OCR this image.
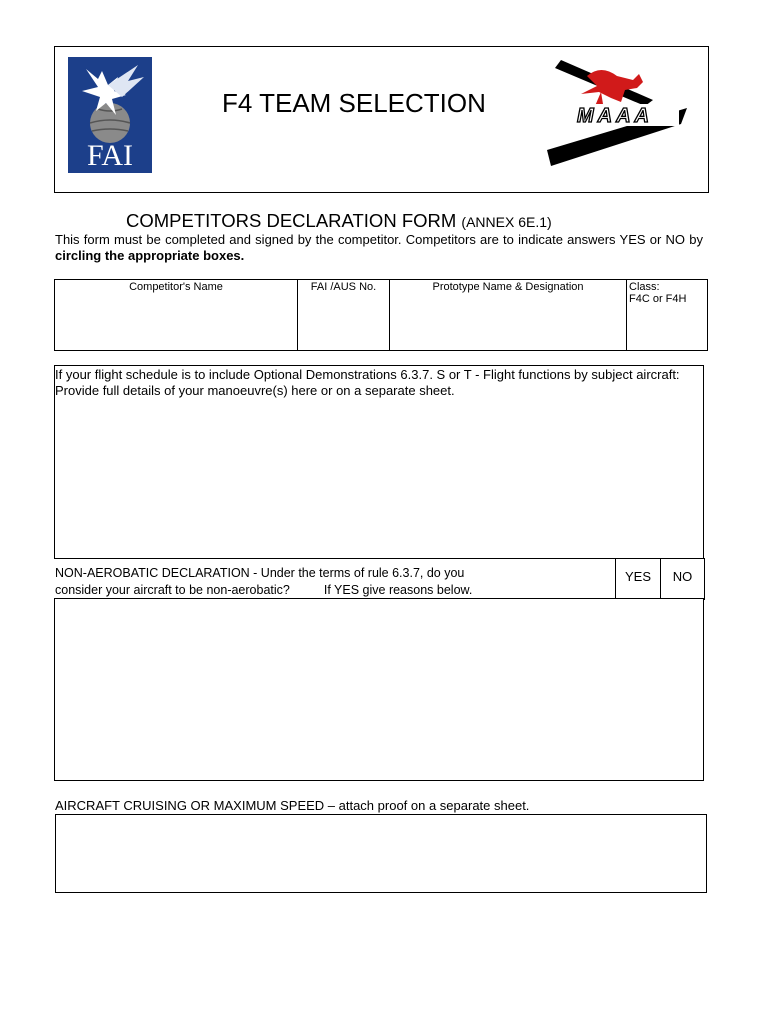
FAI
F4 TEAM SELECTION	MAAA
COMPETITORS DECLARATION FORM (ANNEX 6E.1)
This form must be completed and signed by the competitor. Competitors are to indicate answers YES or NO by circling the appropriate boxes.
Competitor's Name	FAI /AUS No.	Prototype Name & Designation	Class:
F4C or F4H
If your flight schedule is to include Optional Demonstrations 6.3.7. S or T - Flight functions by subject aircraft: Provide full details of your manoeuvre(s) here or on a separate sheet.
NON-AEROBATIC DECLARATION - Under the terms of rule 6.3.7, do you
consider your aircraft to be non-aerobatic?	If YES give reasons below.
YES	NO
AIRCRAFT CRUISING OR MAXIMUM SPEED – attach proof on a separate sheet.
